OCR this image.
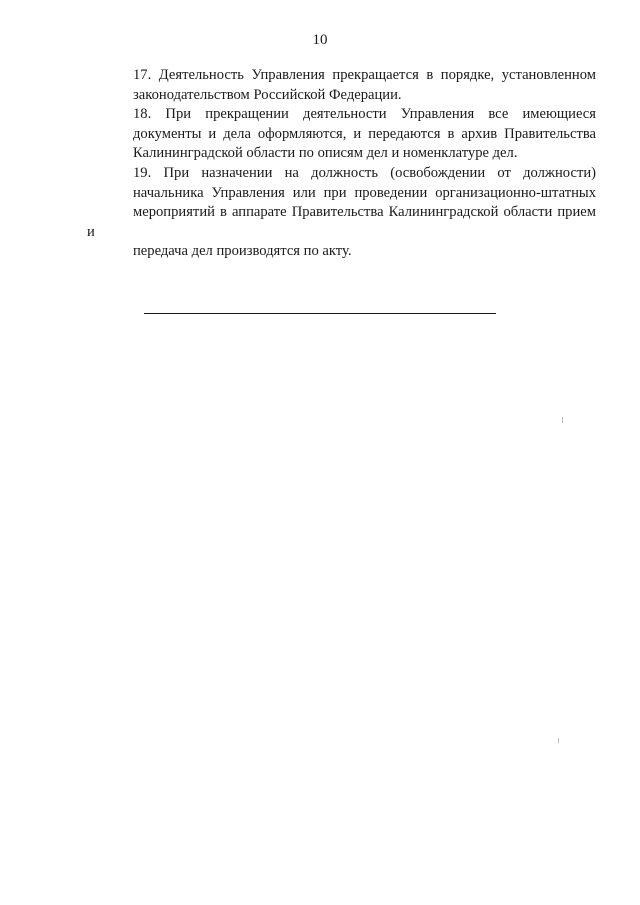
10

17. Деятельность Управления прекращается в порядке, установленном
законодательством Российской Федерации.

18. При прекращении деятельности Управления все имеющиеся
документы и дела оформляются, и передаются в архив Правительства
Калининградской области по описям дел и номенклатуре дел.

19. При назначении на должность (освобождении от должности)
начальника Управления или при проведении организационно-штатных
мероприятий в аппарате Правительства Калининградской области прием и
передача дел производятся по акту.
